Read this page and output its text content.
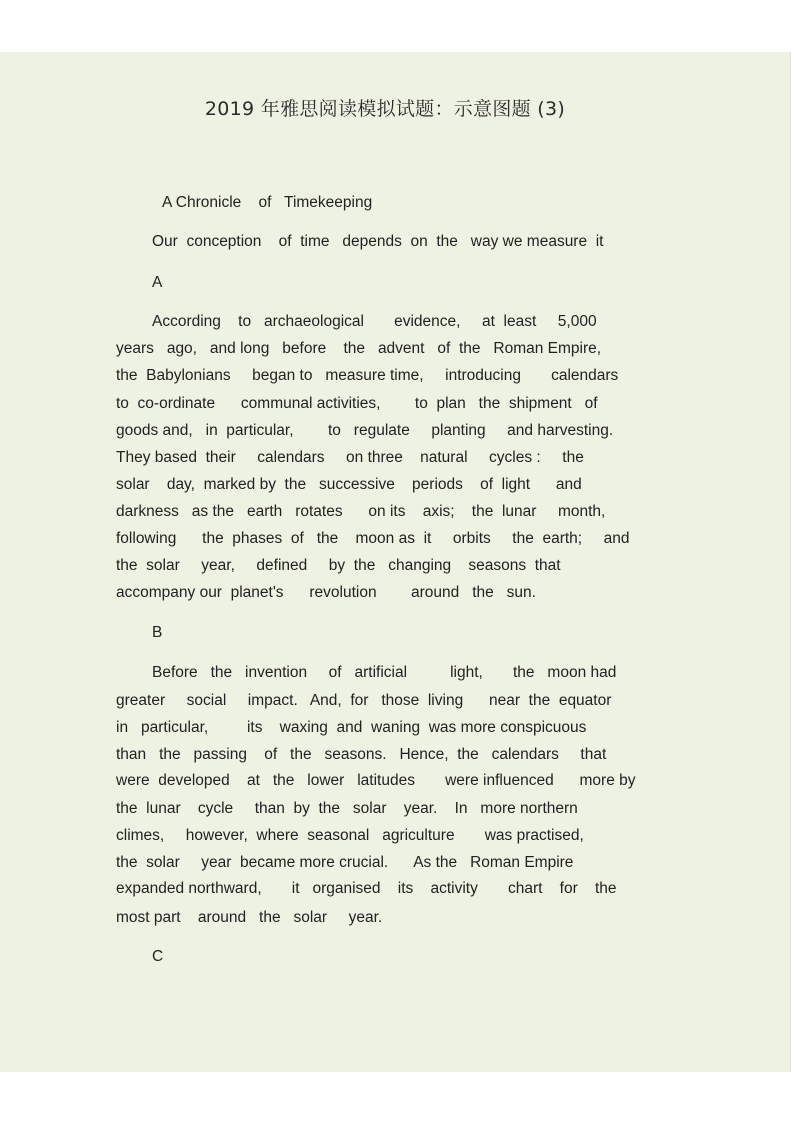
2019 年雅思阅读模拟试题：示意图题 (3)
A Chronicle    of   Timekeeping
Our  conception    of  time   depends  on  the   way we measure  it
A
According    to   archaeological       evidence,     at  least     5,000
years   ago,   and long   before    the   advent   of  the   Roman Empire,
the  Babylonians     began to   measure time,     introducing       calendars
to  co-ordinate      communal activities,        to  plan   the  shipment   of
goods and,   in  particular,        to   regulate     planting     and harvesting.
They based  their     calendars     on three    natural     cycles :     the
solar    day,  marked by  the   successive    periods    of  light      and
darkness   as the   earth   rotates      on its    axis;    the  lunar     month,
following      the  phases  of   the    moon as  it     orbits     the  earth;     and
the  solar     year,     defined     by  the   changing    seasons  that
accompany our  planet's      revolution        around   the   sun.
B
Before   the   invention     of   artificial          light,       the   moon had
greater     social     impact.   And,  for   those  living      near  the  equator
in   particular,         its    waxing  and  waning  was more conspicuous
than   the   passing    of   the   seasons.   Hence,  the   calendars     that
were  developed    at   the   lower   latitudes       were influenced      more by
the  lunar    cycle     than  by  the   solar    year.    In   more northern
climes,     however,  where  seasonal   agriculture       was practised,
the  solar     year  became more crucial.      As the   Roman Empire
expanded northward,       it   organised    its    activity       chart    for    the
most part    around   the   solar     year.
C
